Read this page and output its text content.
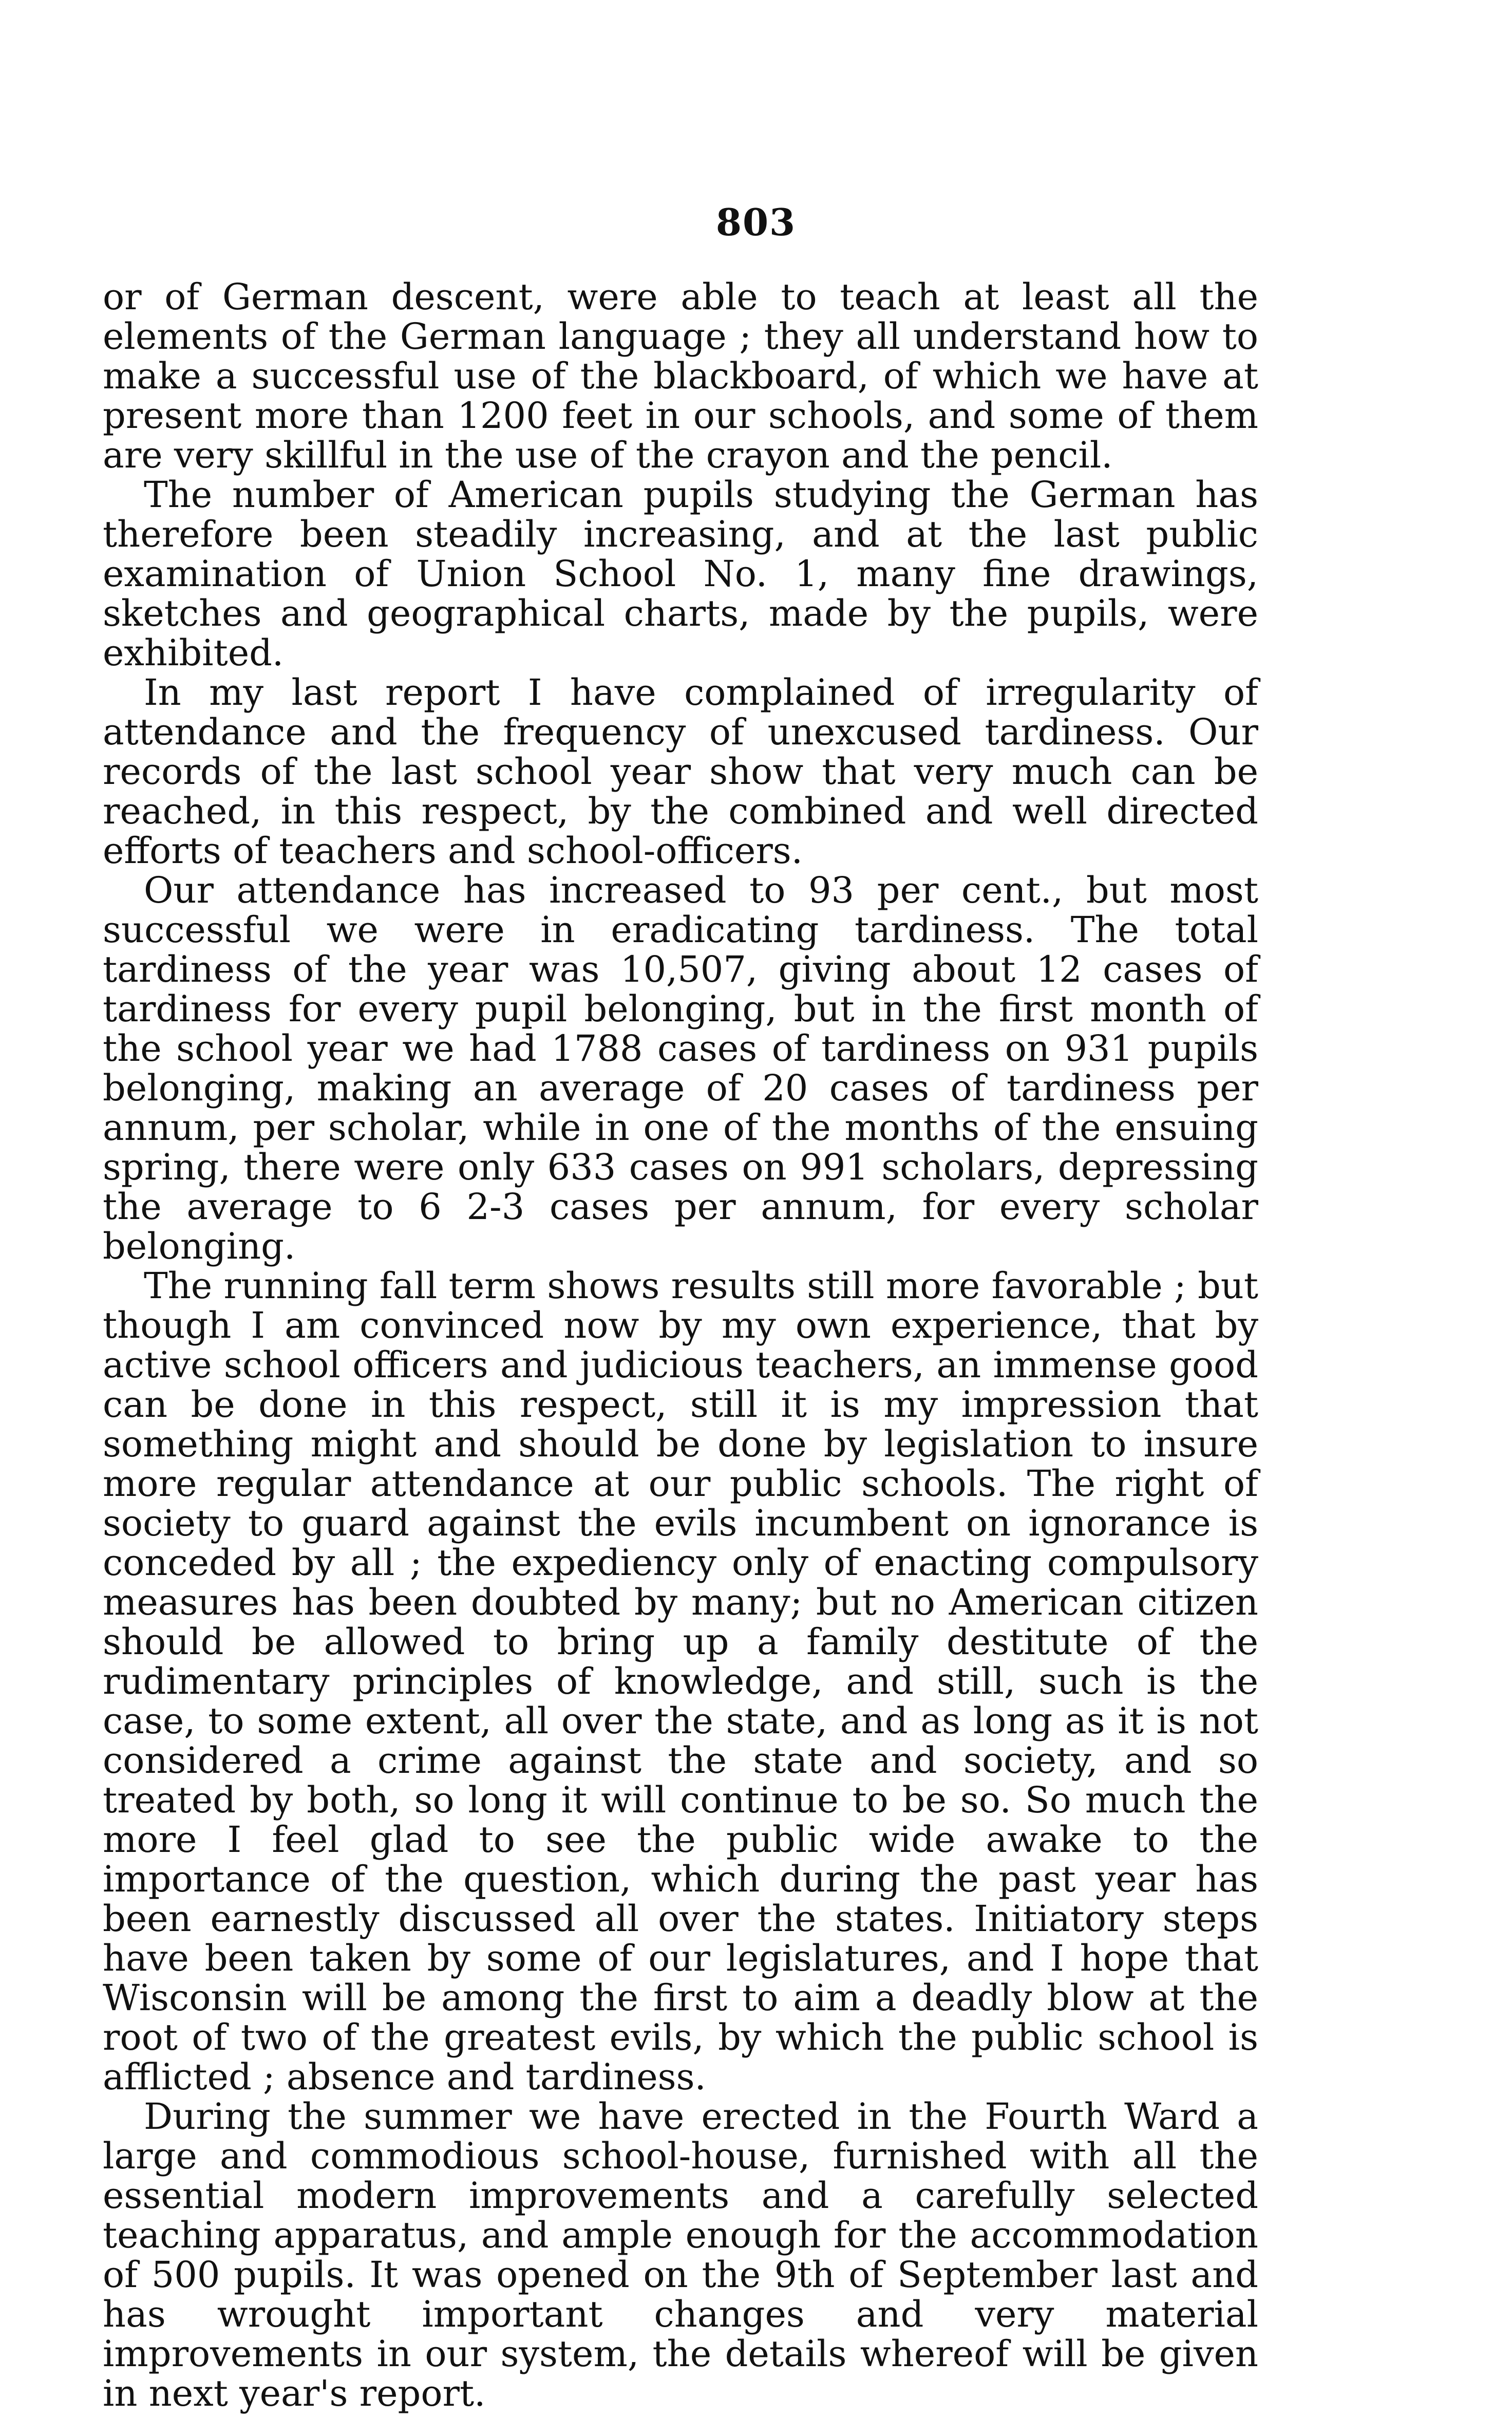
803

or of German descent, were able to teach at least all the elements of the German language ; they all understand how to make a successful use of the blackboard, of which we have at present more than 1200 feet in our schools, and some of them are very skillful in the use of the crayon and the pencil.

The number of American pupils studying the German has therefore been steadily increasing, and at the last public examination of Union School No. 1, many fine drawings, sketches and geographical charts, made by the pupils, were exhibited.

In my last report I have complained of irregularity of attendance and the frequency of unexcused tardiness. Our records of the last school year show that very much can be reached, in this respect, by the combined and well directed efforts of teachers and school-officers.

Our attendance has increased to 93 per cent., but most successful we were in eradicating tardiness. The total tardiness of the year was 10,507, giving about 12 cases of tardiness for every pupil belonging, but in the first month of the school year we had 1788 cases of tardiness on 931 pupils belonging, making an average of 20 cases of tardiness per annum, per scholar, while in one of the months of the ensuing spring, there were only 633 cases on 991 scholars, depressing the average to 6 2-3 cases per annum, for every scholar belonging.

The running fall term shows results still more favorable ; but though I am convinced now by my own experience, that by active school officers and judicious teachers, an immense good can be done in this respect, still it is my impression that something might and should be done by legislation to insure more regular attendance at our public schools. The right of society to guard against the evils incumbent on ignorance is conceded by all ; the expediency only of enacting compulsory measures has been doubted by many; but no American citizen should be allowed to bring up a family destitute of the rudimentary principles of knowledge, and still, such is the case, to some extent, all over the state, and as long as it is not considered a crime against the state and society, and so treated by both, so long it will continue to be so. So much the more I feel glad to see the public wide awake to the importance of the question, which during the past year has been earnestly discussed all over the states. Initiatory steps have been taken by some of our legislatures, and I hope that Wisconsin will be among the first to aim a deadly blow at the root of two of the greatest evils, by which the public school is afflicted ; absence and tardiness.

During the summer we have erected in the Fourth Ward a large and commodious school-house, furnished with all the essential modern improvements and a carefully selected teaching apparatus, and ample enough for the accommodation of 500 pupils. It was opened on the 9th of September last and has wrought important changes and very material improvements in our system, the details whereof will be given in next year's report.
